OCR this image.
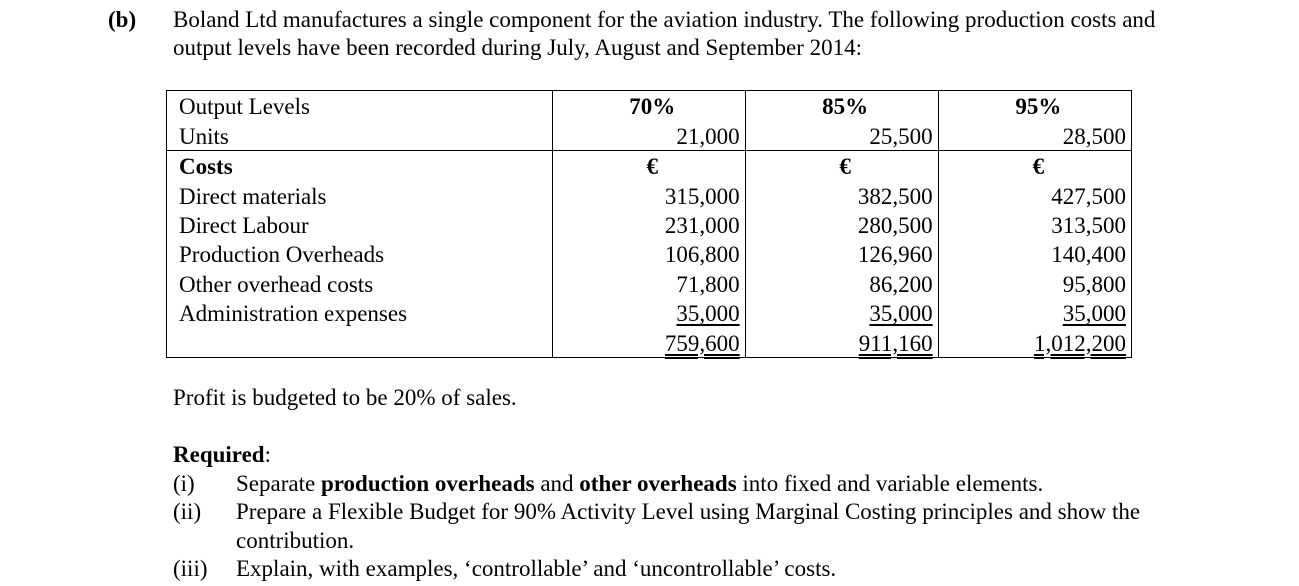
(b) Boland Ltd manufactures a single component for the aviation industry. The following production costs and
output levels have been recorded during July, August and September 2014:
Output Levels	70%	85%	95%
Units	21,000	25,500	28,500
Costs	€	€	€
Direct materials	315,000	382,500	427,500
Direct Labour	231,000	280,500	313,500
Production Overheads	106,800	126,960	140,400
Other overhead costs	71,800	86,200	95,800
Administration expenses	35,000	35,000	35,000
	759,600	911,160	1,012,200
Profit is budgeted to be 20% of sales.
Required:
(i) Separate production overheads and other overheads into fixed and variable elements.
(ii) Prepare a Flexible Budget for 90% Activity Level using Marginal Costing principles and show the
contribution.
(iii) Explain, with examples, ‘controllable’ and ‘uncontrollable’ costs.
